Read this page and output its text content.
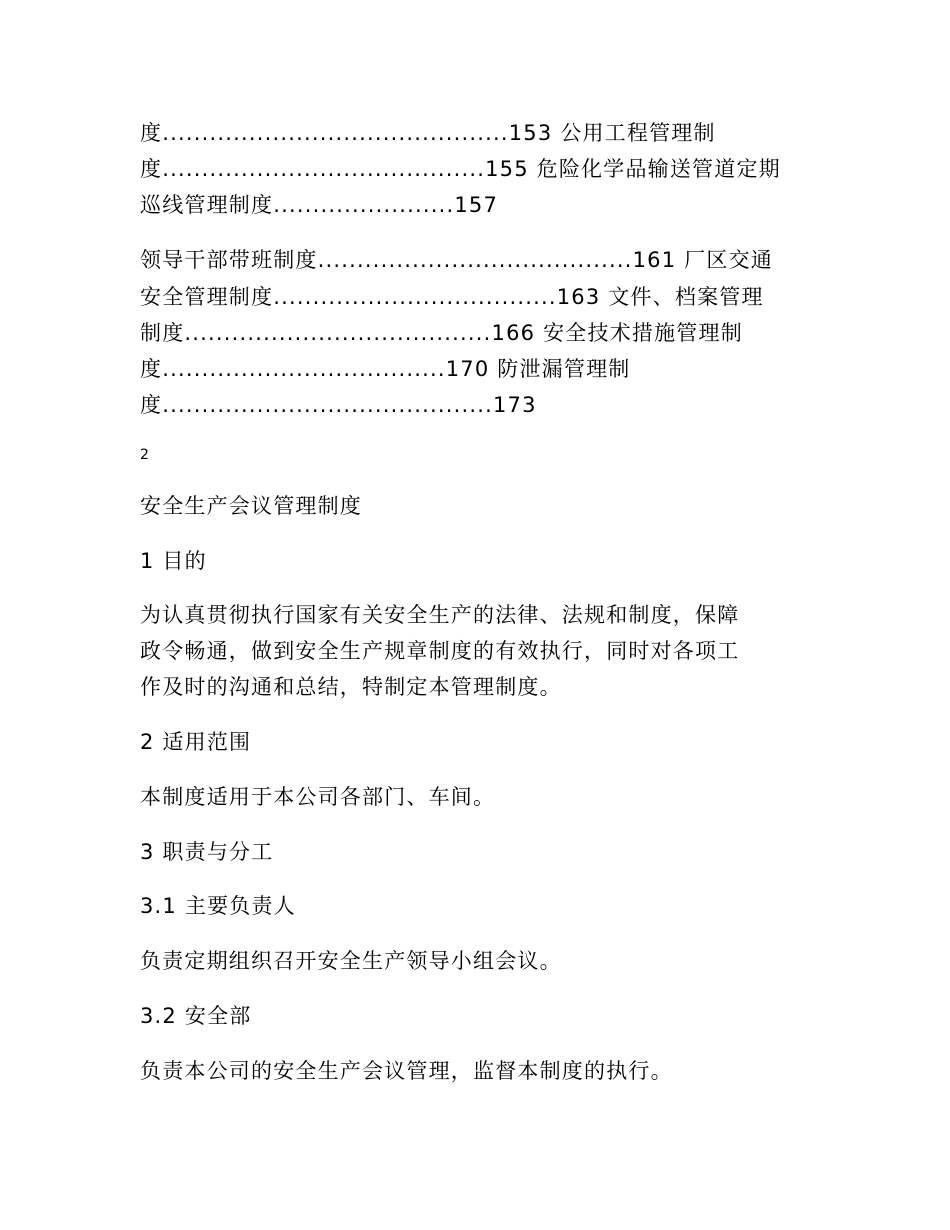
度............................................153 公用工程管理制
度.........................................155 危险化学品输送管道定期
巡线管理制度.......................157
领导干部带班制度........................................161 厂区交通
安全管理制度....................................163 文件、档案管理
制度.......................................166 安全技术措施管理制
度....................................170 防泄漏管理制
度..........................................173
2
安全生产会议管理制度
1 目的
为认真贯彻执行国家有关安全生产的法律、法规和制度，保障
政令畅通，做到安全生产规章制度的有效执行，同时对各项工
作及时的沟通和总结，特制定本管理制度。
2 适用范围
本制度适用于本公司各部门、车间。
3 职责与分工
3.1 主要负责人
负责定期组织召开安全生产领导小组会议。
3.2 安全部
负责本公司的安全生产会议管理，监督本制度的执行。
